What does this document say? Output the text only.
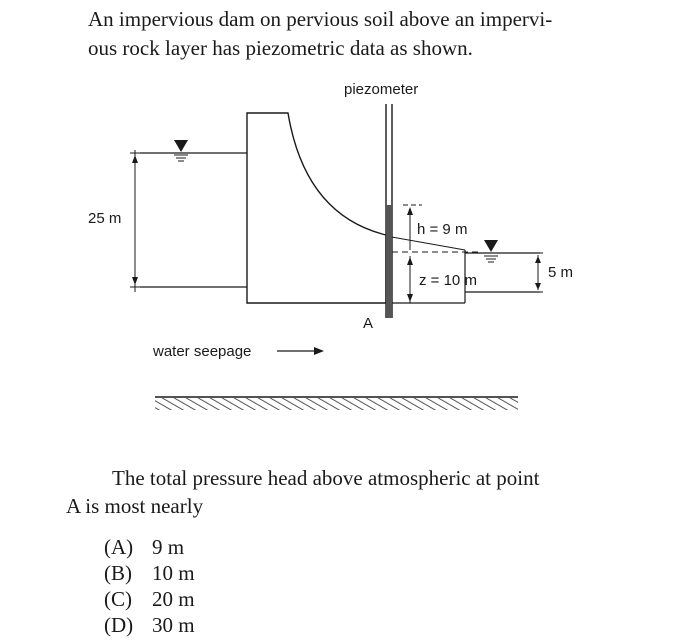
An impervious dam on pervious soil above an impervi-
ous rock layer has piezometric data as shown.
25 m
piezometer
A
h = 9 m
z = 10 m	5 m
water seepage
The total pressure head above atmospheric at point
A is most nearly
(A) 9 m
(B) 10 m
(C) 20 m
(D) 30 m
